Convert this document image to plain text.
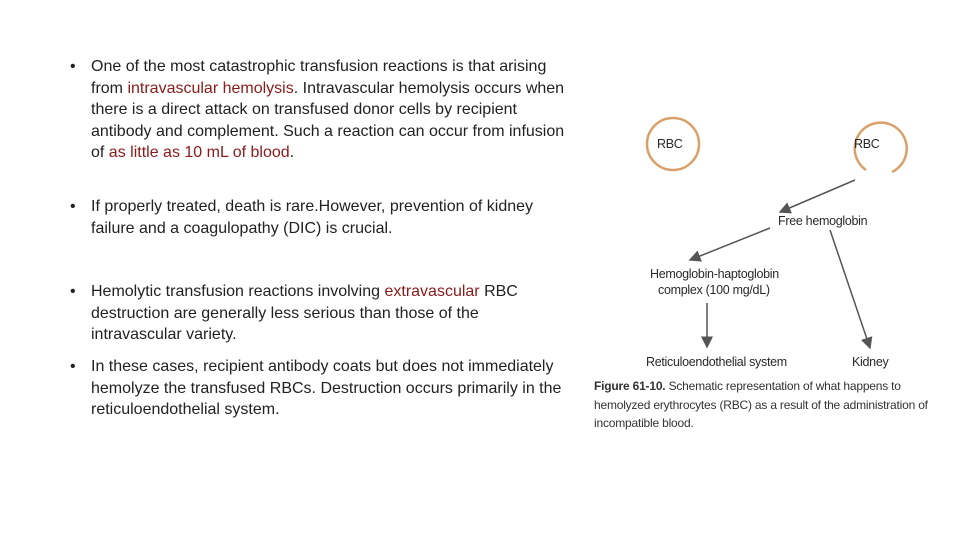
• One of the most catastrophic transfusion reactions is that arising from intravascular hemolysis. Intravascular hemolysis occurs when there is a direct attack on transfused donor cells by recipient antibody and complement. Such a reaction can occur from infusion of as little as 10 mL of blood.
• If properly treated, death is rare.However, prevention of kidney failure and a coagulopathy (DIC) is crucial.
• Hemolytic transfusion reactions involving extravascular RBC destruction are generally less serious than those of the intravascular variety.
• In these cases, recipient antibody coats but does not immediately hemolyze the transfused RBCs. Destruction occurs primarily in the reticuloendothelial system.
RBC	RBC
Free hemoglobin
Hemoglobin-haptoglobin
complex (100 mg/dL)
Reticuloendothelial system	Kidney
Figure 61-10. Schematic representation of what happens to hemolyzed erythrocytes (RBC) as a result of the administration of incompatible blood.
